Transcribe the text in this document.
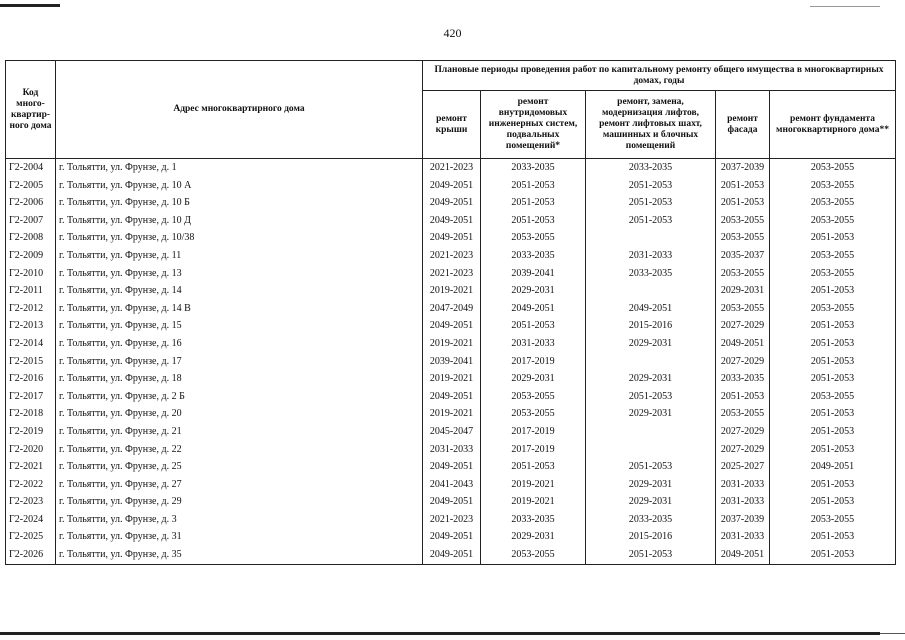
420
Код много-квартир-ного дома	Адрес многоквартирного дома	Плановые периоды проведения работ по капитальному ремонту общего имущества в многоквартирных домах, годы				
		ремонт крыши	ремонт внутридомовых инженерных систем, подвальных помещений*	ремонт, замена, модернизация лифтов, ремонт лифтовых шахт, машинных и блочных помещений	ремонт фасада	ремонт фундамента многоквартирного дома**
Г2-2004	г. Тольятти, ул. Фрунзе, д. 1	2021-2023	2033-2035	2033-2035	2037-2039	2053-2055
Г2-2005	г. Тольятти, ул. Фрунзе, д. 10 А	2049-2051	2051-2053	2051-2053	2051-2053	2053-2055
Г2-2006	г. Тольятти, ул. Фрунзе, д. 10 Б	2049-2051	2051-2053	2051-2053	2051-2053	2053-2055
Г2-2007	г. Тольятти, ул. Фрунзе, д. 10 Д	2049-2051	2051-2053	2051-2053	2053-2055	2053-2055
Г2-2008	г. Тольятти, ул. Фрунзе, д. 10/38	2049-2051	2053-2055		2053-2055	2051-2053
Г2-2009	г. Тольятти, ул. Фрунзе, д. 11	2021-2023	2033-2035	2031-2033	2035-2037	2053-2055
Г2-2010	г. Тольятти, ул. Фрунзе, д. 13	2021-2023	2039-2041	2033-2035	2053-2055	2053-2055
Г2-2011	г. Тольятти, ул. Фрунзе, д. 14	2019-2021	2029-2031		2029-2031	2051-2053
Г2-2012	г. Тольятти, ул. Фрунзе, д. 14 В	2047-2049	2049-2051	2049-2051	2053-2055	2053-2055
Г2-2013	г. Тольятти, ул. Фрунзе, д. 15	2049-2051	2051-2053	2015-2016	2027-2029	2051-2053
Г2-2014	г. Тольятти, ул. Фрунзе, д. 16	2019-2021	2031-2033	2029-2031	2049-2051	2051-2053
Г2-2015	г. Тольятти, ул. Фрунзе, д. 17	2039-2041	2017-2019		2027-2029	2051-2053
Г2-2016	г. Тольятти, ул. Фрунзе, д. 18	2019-2021	2029-2031	2029-2031	2033-2035	2051-2053
Г2-2017	г. Тольятти, ул. Фрунзе, д. 2 Б	2049-2051	2053-2055	2051-2053	2051-2053	2053-2055
Г2-2018	г. Тольятти, ул. Фрунзе, д. 20	2019-2021	2053-2055	2029-2031	2053-2055	2051-2053
Г2-2019	г. Тольятти, ул. Фрунзе, д. 21	2045-2047	2017-2019		2027-2029	2051-2053
Г2-2020	г. Тольятти, ул. Фрунзе, д. 22	2031-2033	2017-2019		2027-2029	2051-2053
Г2-2021	г. Тольятти, ул. Фрунзе, д. 25	2049-2051	2051-2053	2051-2053	2025-2027	2049-2051
Г2-2022	г. Тольятти, ул. Фрунзе, д. 27	2041-2043	2019-2021	2029-2031	2031-2033	2051-2053
Г2-2023	г. Тольятти, ул. Фрунзе, д. 29	2049-2051	2019-2021	2029-2031	2031-2033	2051-2053
Г2-2024	г. Тольятти, ул. Фрунзе, д. 3	2021-2023	2033-2035	2033-2035	2037-2039	2053-2055
Г2-2025	г. Тольятти, ул. Фрунзе, д. 31	2049-2051	2029-2031	2015-2016	2031-2033	2051-2053
Г2-2026	г. Тольятти, ул. Фрунзе, д. 35	2049-2051	2053-2055	2051-2053	2049-2051	2051-2053
